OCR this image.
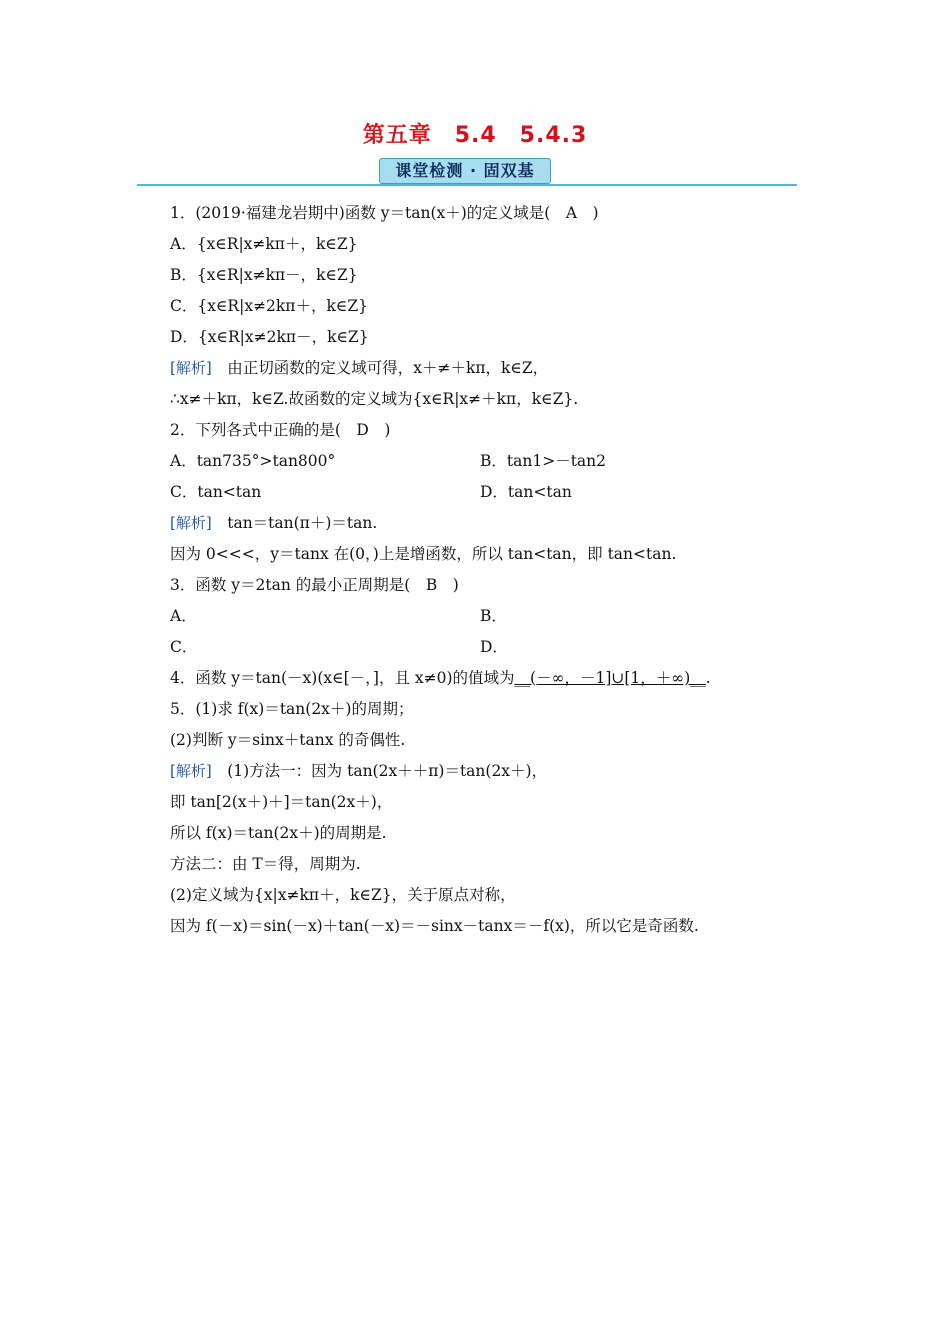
第五章　5.4　5.4.3
课堂检测 · 固双基
1．(2019·福建龙岩期中)函数 y＝tan(x＋)的定义域是(　A　)
A．{x∈R|x≠kπ＋，k∈Z}
B．{x∈R|x≠kπ－，k∈Z}
C．{x∈R|x≠2kπ＋，k∈Z}
D．{x∈R|x≠2kπ－，k∈Z}
[解析]　由正切函数的定义域可得，x＋≠＋kπ，k∈Z，
∴x≠＋kπ，k∈Z.故函数的定义域为{x∈R|x≠＋kπ，k∈Z}.
2．下列各式中正确的是(　D　)
A．tan735°>tan800°	B．tan1>－tan2
C．tan<tan	D．tan<tan
[解析]　tan＝tan(π＋)＝tan.
因为 0<<<，y＝tanx 在(0，)上是增函数，所以 tan<tan，即 tan<tan.
3．函数 y＝2tan 的最小正周期是(　B　)
A．	B．
C．	D．
4．函数 y＝tan(－x)(x∈[－，]，且 x≠0)的值域为__(－∞，－1]∪[1，＋∞)__.
5．(1)求 f(x)＝tan(2x＋)的周期；
(2)判断 y＝sinx＋tanx 的奇偶性.
[解析]　(1)方法一：因为 tan(2x＋＋π)＝tan(2x＋)，
即 tan[2(x＋)＋]＝tan(2x＋)，
所以 f(x)＝tan(2x＋)的周期是.
方法二：由 T＝得，周期为.
(2)定义域为{x|x≠kπ＋，k∈Z}，关于原点对称，
因为 f(－x)＝sin(－x)＋tan(－x)＝－sinx－tanx＝－f(x)，所以它是奇函数.
